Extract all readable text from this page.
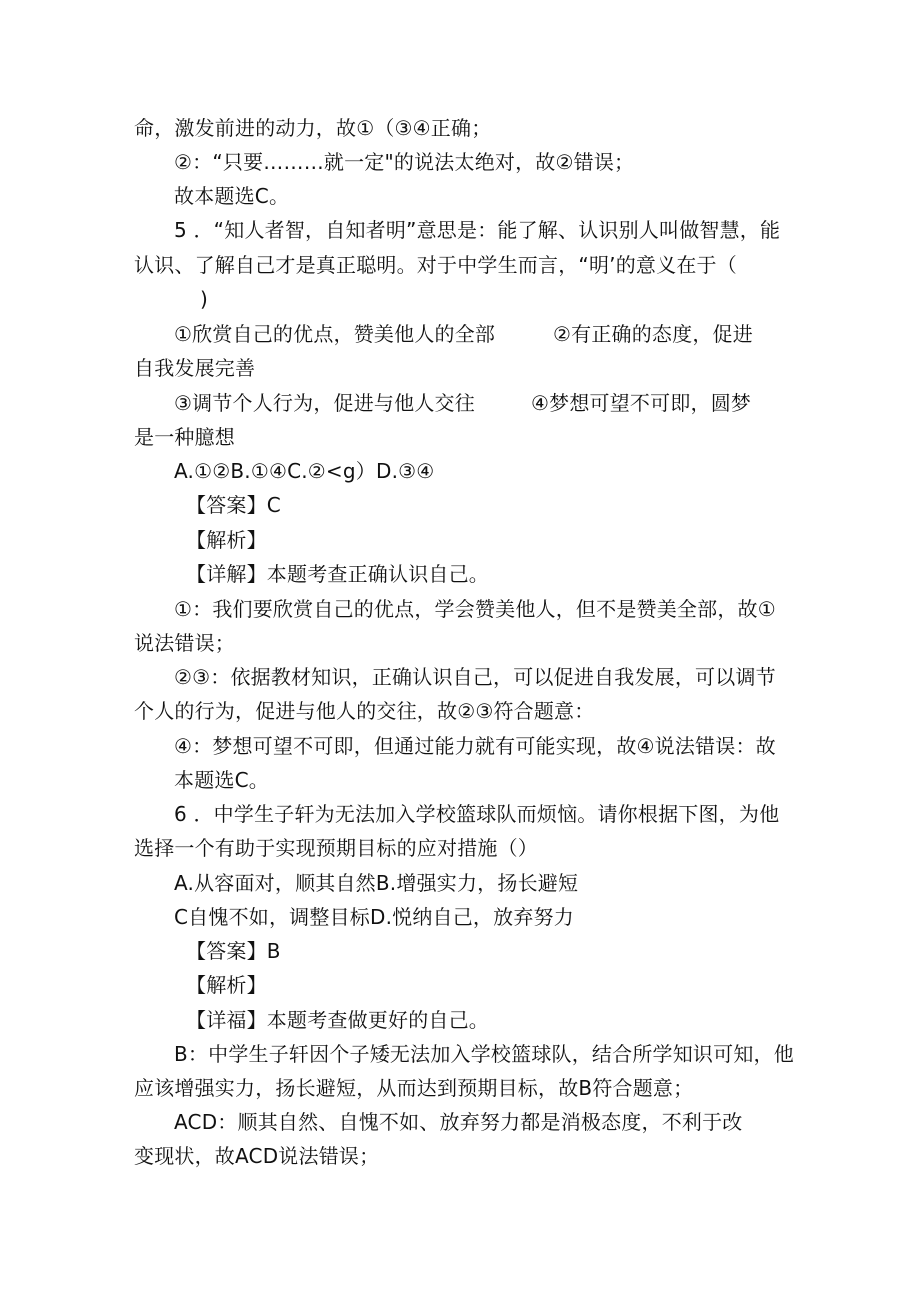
命，激发前进的动力，故①（③④正确；
②：“只要………就一定"的说法太绝对，故②错误；
故本题选C。
5 ．“知人者智，自知者明”意思是：能了解、认识别人叫做智慧，能
认识、了解自己才是真正聪明。对于中学生而言，“明’的意义在于（
)
①欣赏自己的优点，赞美他人的全部	②有正确的态度，促进
自我发展完善
③调节个人行为，促进与他人交往	④梦想可望不可即，圆梦
是一种臆想
A.①②B.①④C.②<g）D.③④
【答案】C
【解析】
【详解】本题考查正确认识自己。
①：我们要欣赏自己的优点，学会赞美他人，但不是赞美全部，故①
说法错误；
②③：依据教材知识，正确认识自己，可以促进自我发展，可以调节
个人的行为，促进与他人的交往，故②③符合题意：
④：梦想可望不可即，但通过能力就有可能实现，故④说法错误：故
本题选C。
6 ．中学生子轩为无法加入学校篮球队而烦恼。请你根据下图，为他
选择一个有助于实现预期目标的应对措施（）
A.从容面对，顺其自然B.增强实力，扬长避短
C自愧不如，调整目标D.悦纳自己，放弃努力
【答案】B
【解析】
【详福】本题考查做更好的自己。
B：中学生子轩因个子矮无法加入学校篮球队，结合所学知识可知，他
应该增强实力，扬长避短，从而达到预期目标，故B符合题意；
ACD：顺其自然、自愧不如、放弃努力都是消极态度，不利于改
变现状，故ACD说法错误；
